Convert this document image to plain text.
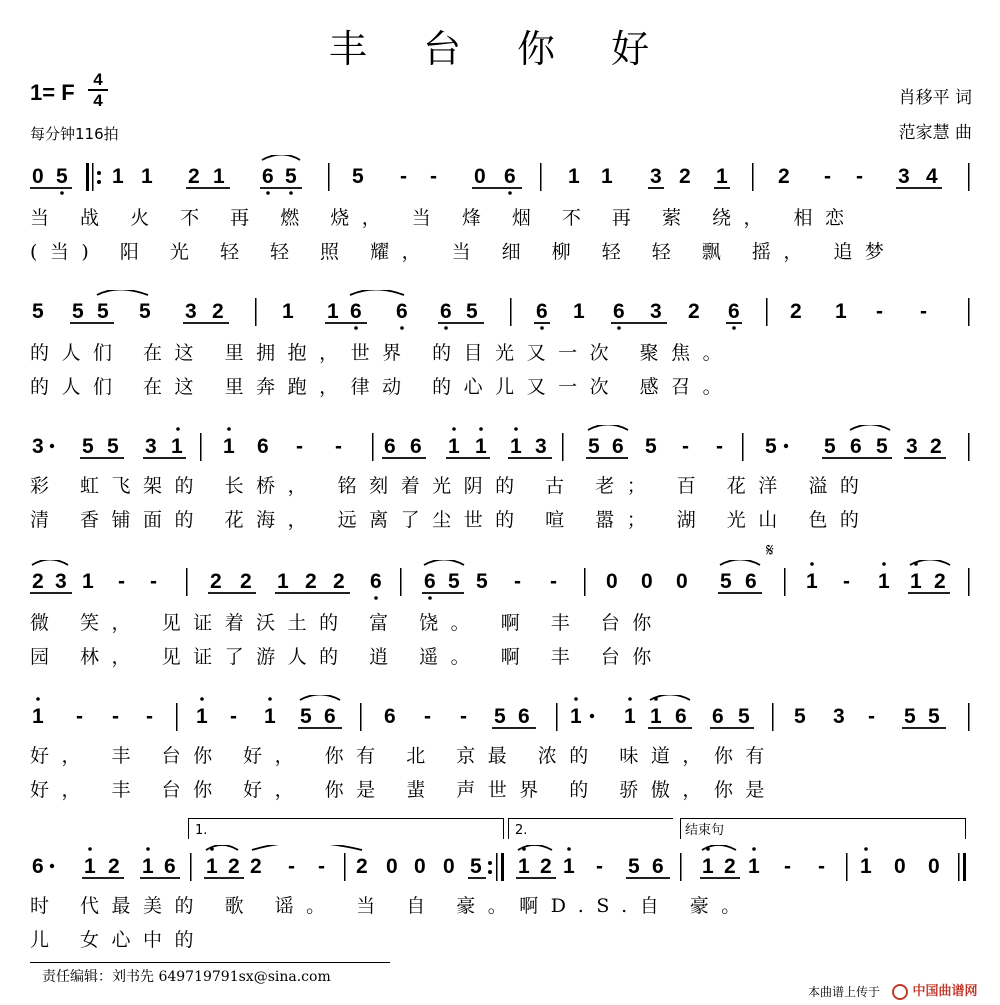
丰 台 你 好
1= F $\frac{4}{4}$
每分钟116拍
肖移平 词
范家慧 曲
0 5 1 1 2 1 6 5	5 - - 0 6 1 1 3 2 1 2 - - 3 4
当 战 火 不 再 燃 烧， 当 烽 烟 不 再 萦 绕， 相恋
(当) 阳 光 轻 轻 照 耀， 当 细 柳 轻 轻 飘 摇， 追梦
5 5 5 5 3 2	1 1 6 6 6 5	6 1 6 3 2 6 2 1 - -
的人们 在这 里拥抱，世界 的目光又一次 聚焦。
的人们 在这 里奔跑，律动 的心儿又一次 感召。
3 5 5 3 1 1 6 - - 6 6 1 1 1 3 5 6 5 - - 5 5 6 5 3 2
彩 虹飞架的 长桥， 铭刻着光阴的 古 老； 百 花洋 溢的
清 香铺面的 花海， 远离了尘世的 喧 嚣； 湖 光山 色的
𝄋
2 3 1 - -	2 2 1 2 2 6 6 5 5 - - 0 0 0 5 6 1 - 1 1 2
微 笑， 见证着沃土的 富 饶。 啊 丰 台你
园 林， 见证了游人的 逍 遥。 啊 丰 台你
1 - - - 1 - 1 5 6 6 - - 5 6 1 1 1 6 6 5 5 3 - 5 5
好， 丰 台你 好， 你有 北 京最 浓的 味道，你有
好， 丰 台你 好， 你是 蜚 声世界 的 骄傲，你是
1.	2.	结束句
6 1 2 1 6 1 2 2 - - 2 0 0 0 5 1 2 1 - 5 6 1 2 1 - - 1 0 0
时 代最美的 歌 谣。 当 自 豪。啊D.S.自 豪。
儿 女心中的
责任编辑：刘书先 649719791sx@sina.com
本曲谱上传于	中国曲谱网
